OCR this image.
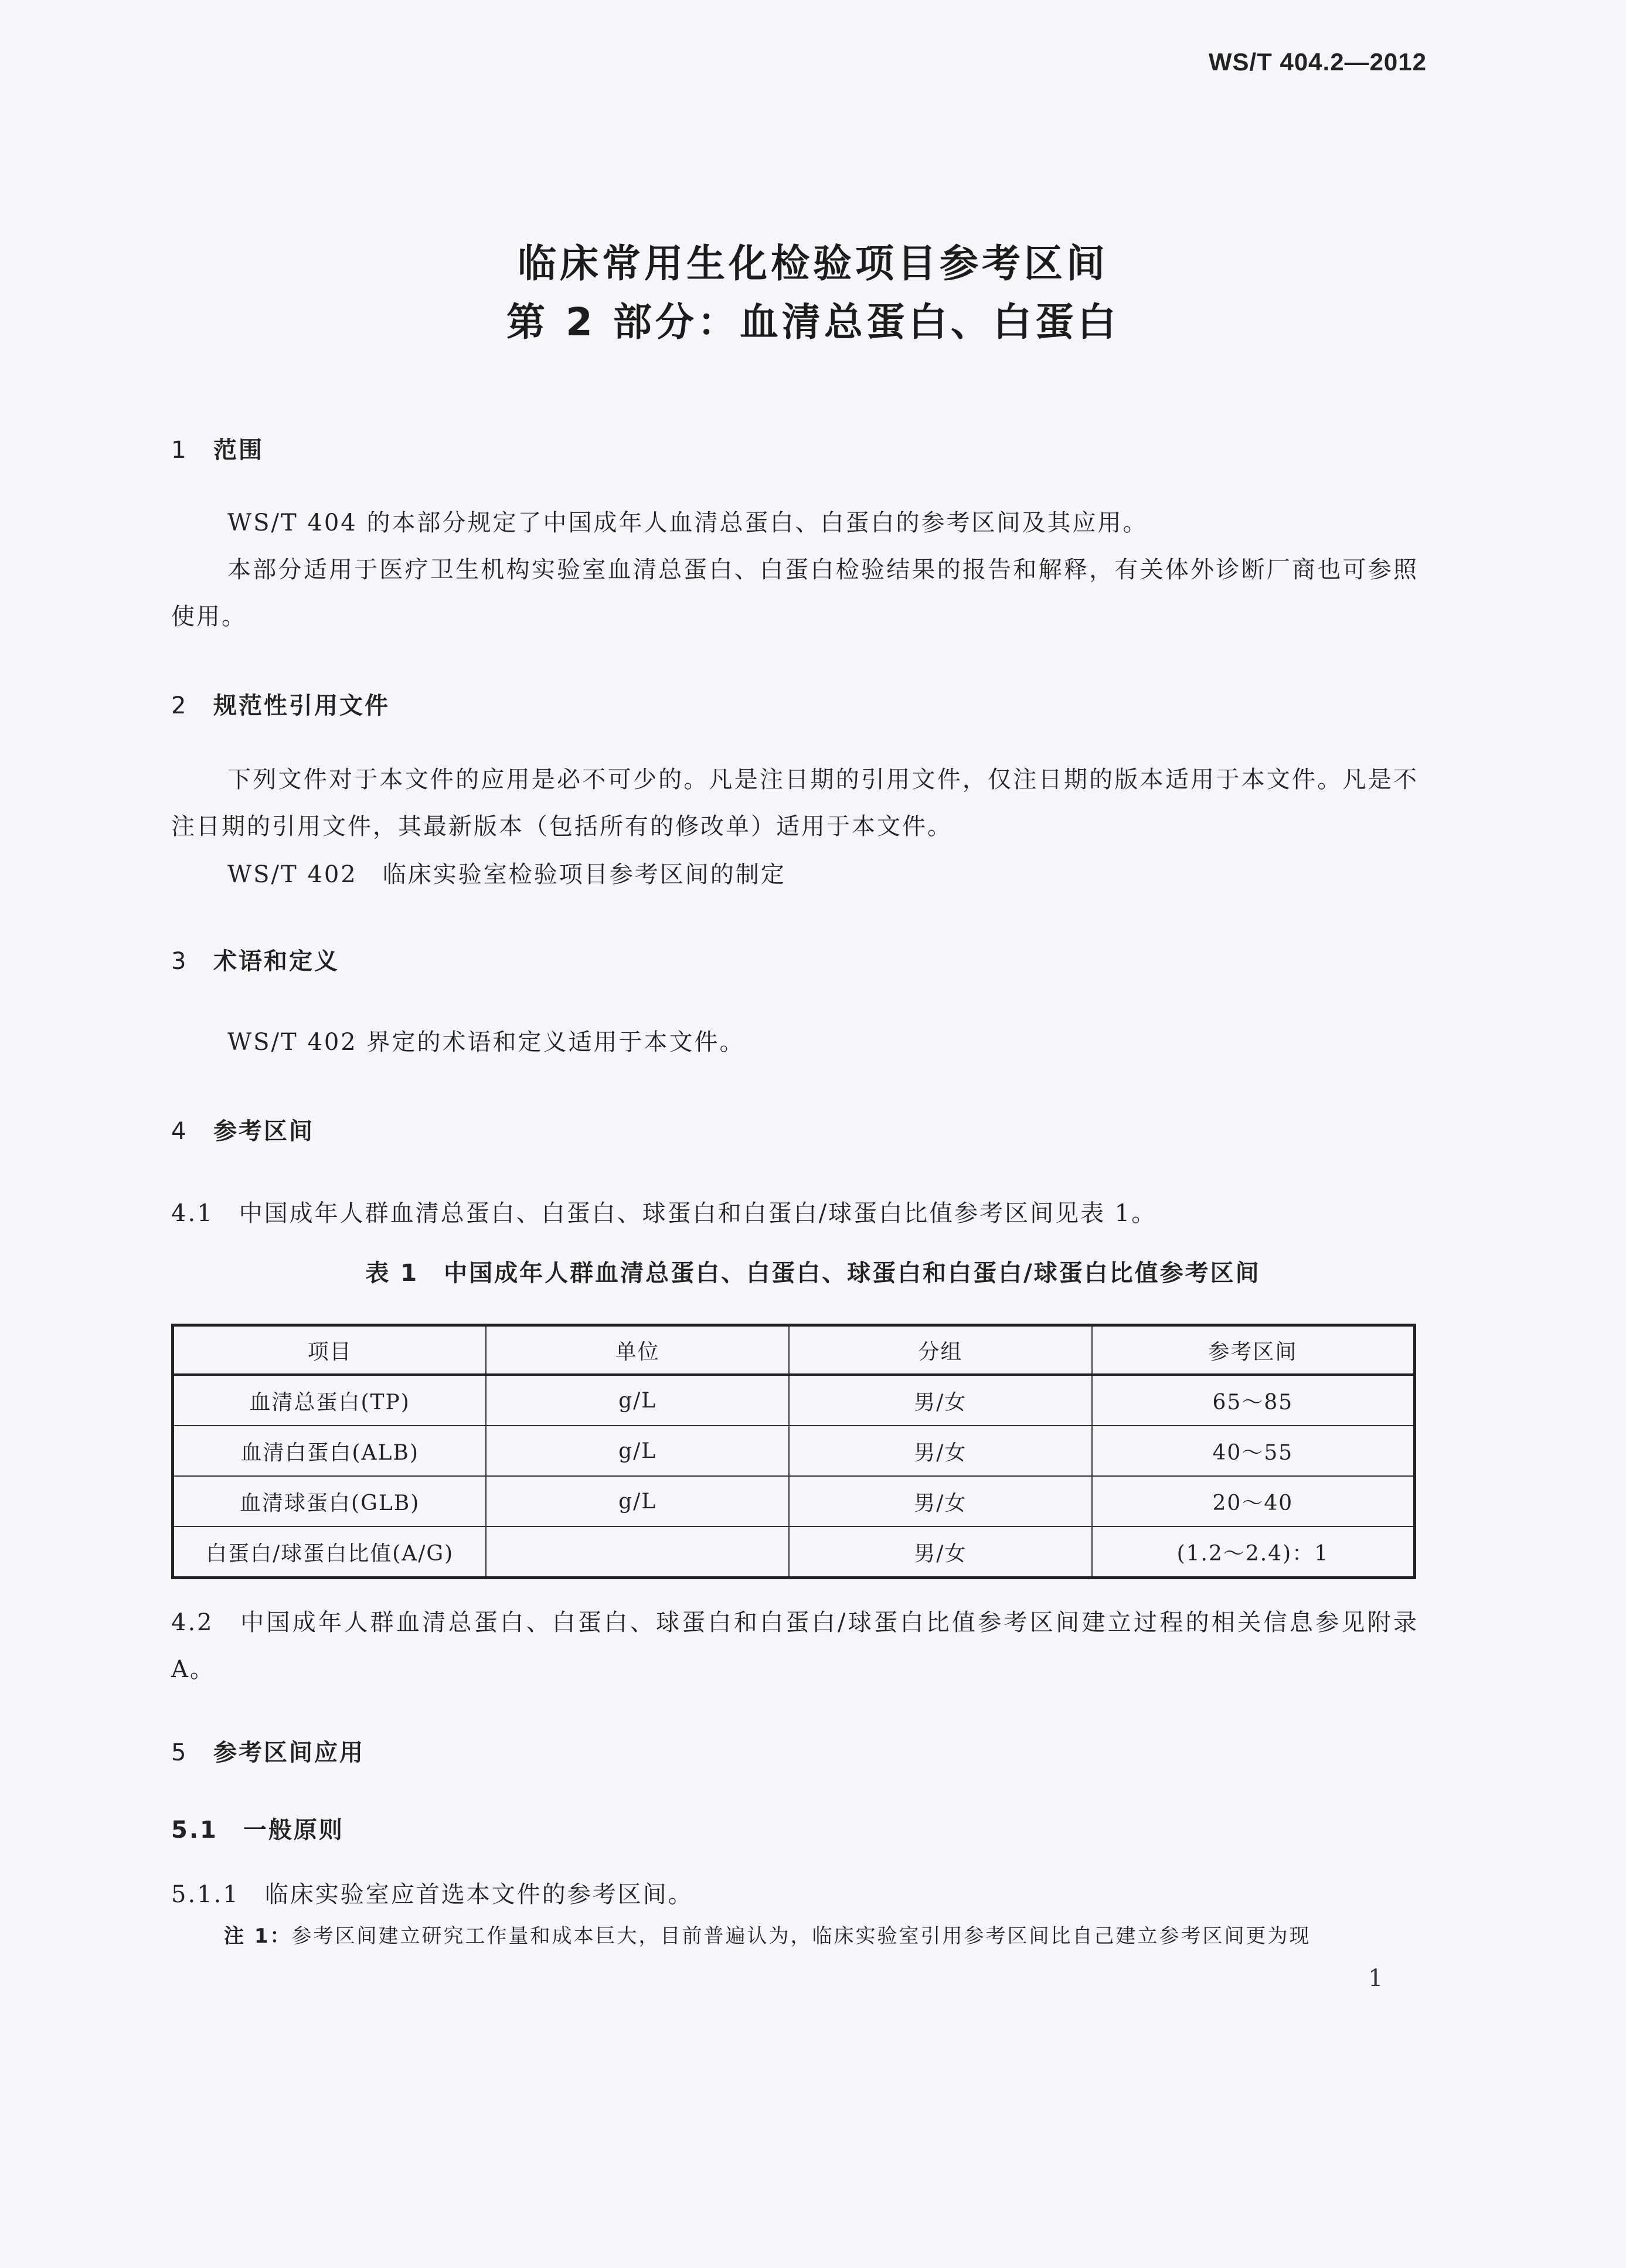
WS/T 404.2—2012
临床常用生化检验项目参考区间
第 2 部分：血清总蛋白、白蛋白
1 范围
WS/T 404 的本部分规定了中国成年人血清总蛋白、白蛋白的参考区间及其应用。
本部分适用于医疗卫生机构实验室血清总蛋白、白蛋白检验结果的报告和解释，有关体外诊断厂商也可参照使用。
2 规范性引用文件
下列文件对于本文件的应用是必不可少的。凡是注日期的引用文件，仅注日期的版本适用于本文件。凡是不注日期的引用文件，其最新版本（包括所有的修改单）适用于本文件。
WS/T 402　临床实验室检验项目参考区间的制定
3 术语和定义
WS/T 402 界定的术语和定义适用于本文件。
4 参考区间
4.1　中国成年人群血清总蛋白、白蛋白、球蛋白和白蛋白/球蛋白比值参考区间见表 1。
表 1　中国成年人群血清总蛋白、白蛋白、球蛋白和白蛋白/球蛋白比值参考区间
项目	单位	分组	参考区间
血清总蛋白(TP)	g/L	男/女	65～85
血清白蛋白(ALB)	g/L	男/女	40～55
血清球蛋白(GLB)	g/L	男/女	20～40
白蛋白/球蛋白比值(A/G)		男/女	(1.2～2.4)：1
4.2　中国成年人群血清总蛋白、白蛋白、球蛋白和白蛋白/球蛋白比值参考区间建立过程的相关信息参见附录 A。
5 参考区间应用
5.1　一般原则
5.1.1　临床实验室应首选本文件的参考区间。
注 1：参考区间建立研究工作量和成本巨大，目前普遍认为，临床实验室引用参考区间比自己建立参考区间更为现
1
